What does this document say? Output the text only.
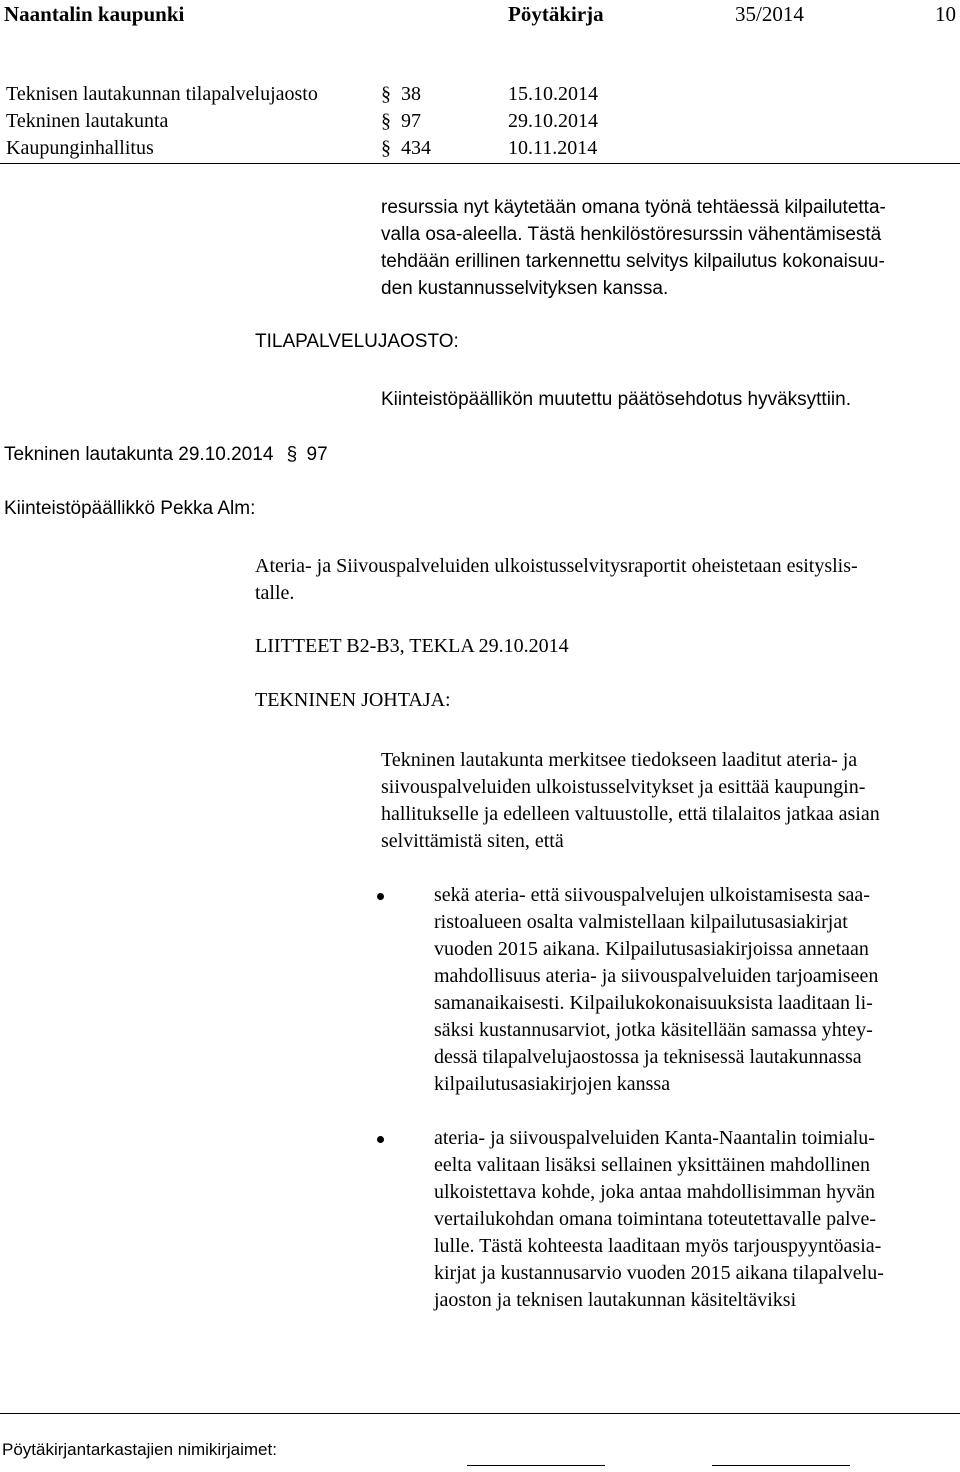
Naantalin kaupunki	Pöytäkirja	35/2014	10
Teknisen lautakunnan tilapalvelujaosto	§ 38	15.10.2014
Tekninen lautakunta	§ 97	29.10.2014
Kaupunginhallitus	§ 434	10.11.2014
resurssia nyt käytetään omana työnä tehtäessä kilpailutetta-
valla osa-aleella. Tästä henkilöstöresurssin vähentämisestä
tehdään erillinen tarkennettu selvitys kilpailutus kokonaisuu-
den kustannusselvityksen kanssa.
TILAPALVELUJAOSTO:
Kiinteistöpäällikön muutettu päätösehdotus hyväksyttiin.
Tekninen lautakunta 29.10.2014 § 97
Kiinteistöpäällikkö Pekka Alm:
Ateria- ja Siivouspalveluiden ulkoistusselvitysraportit oheistetaan esityslis-
talle.
LIITTEET B2-B3, TEKLA 29.10.2014
TEKNINEN JOHTAJA:
Tekninen lautakunta merkitsee tiedokseen laaditut ateria- ja
siivouspalveluiden ulkoistusselvitykset ja esittää kaupungin-
hallitukselle ja edelleen valtuustolle, että tilalaitos jatkaa asian
selvittämistä siten, että
sekä ateria- että siivouspalvelujen ulkoistamisesta saa-
ristoalueen osalta valmistellaan kilpailutusasiakirjat
vuoden 2015 aikana. Kilpailutusasiakirjoissa annetaan
mahdollisuus ateria- ja siivouspalveluiden tarjoamiseen
samanaikaisesti. Kilpailukokonaisuuksista laaditaan li-
säksi kustannusarviot, jotka käsitellään samassa yhtey-
dessä tilapalvelujaostossa ja teknisessä lautakunnassa
kilpailutusasiakirjojen kanssa
ateria- ja siivouspalveluiden Kanta-Naantalin toimialu-
eelta valitaan lisäksi sellainen yksittäinen mahdollinen
ulkoistettava kohde, joka antaa mahdollisimman hyvän
vertailukohdan omana toimintana toteutettavalle palve-
lulle. Tästä kohteesta laaditaan myös tarjouspyyntöasia-
kirjat ja kustannusarvio vuoden 2015 aikana tilapalvelu-
jaoston ja teknisen lautakunnan käsiteltäviksi
Pöytäkirjantarkastajien nimikirjaimet:
